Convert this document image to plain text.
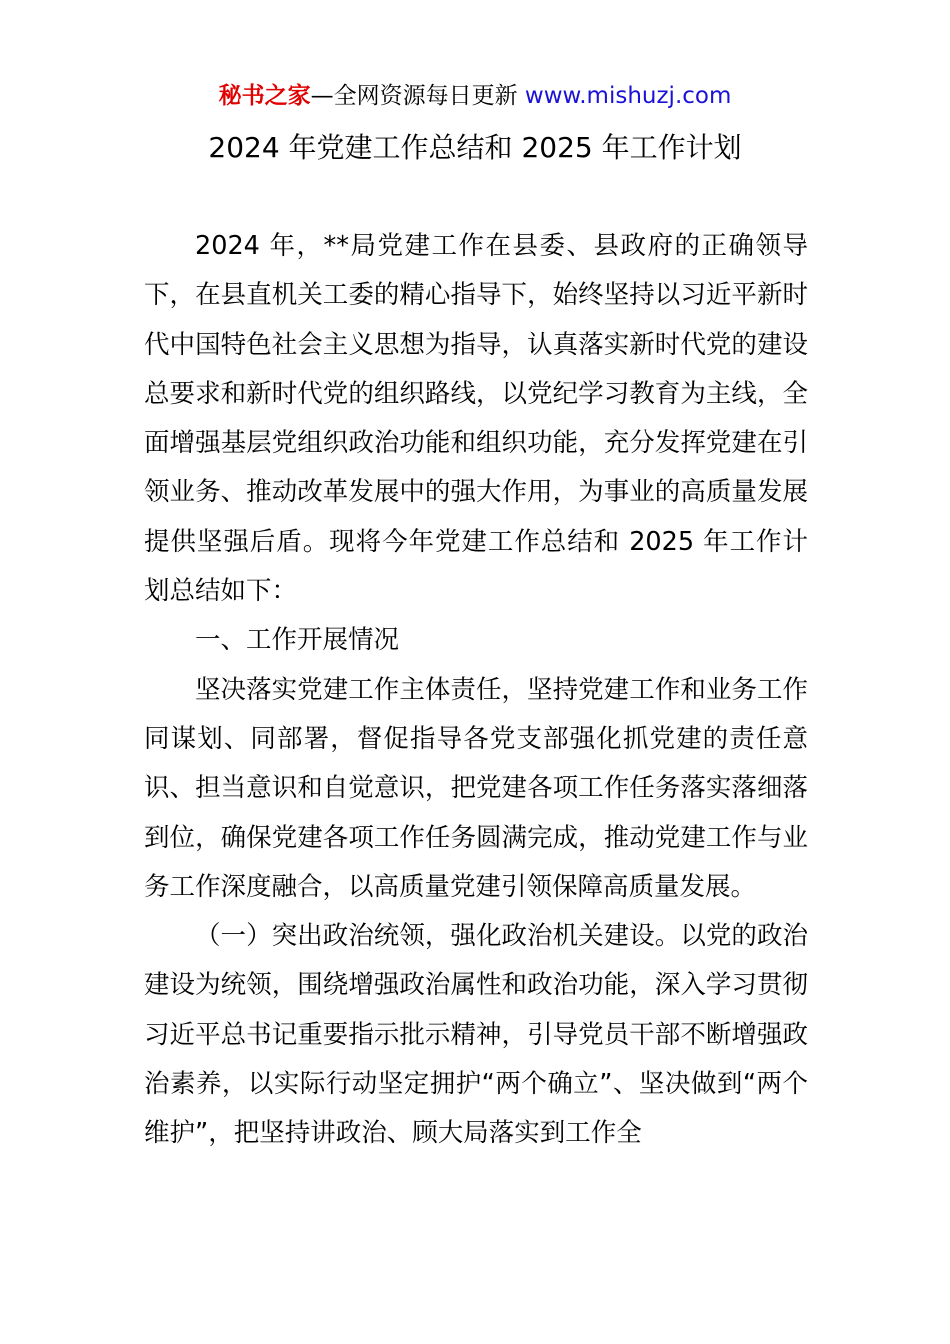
秘书之家—全网资源每日更新 www.mishuzj.com
2024 年党建工作总结和 2025 年工作计划

2024 年，**局党建工作在县委、县政府的正确领导下，在县直机关工委的精心指导下，始终坚持以习近平新时代中国特色社会主义思想为指导，认真落实新时代党的建设总要求和新时代党的组织路线，以党纪学习教育为主线，全面增强基层党组织政治功能和组织功能，充分发挥党建在引领业务、推动改革发展中的强大作用，为事业的高质量发展提供坚强后盾。现将今年党建工作总结和 2025 年工作计划总结如下：

一、工作开展情况

坚决落实党建工作主体责任，坚持党建工作和业务工作同谋划、同部署，督促指导各党支部强化抓党建的责任意识、担当意识和自觉意识，把党建各项工作任务落实落细落到位，确保党建各项工作任务圆满完成，推动党建工作与业务工作深度融合，以高质量党建引领保障高质量发展。

（一）突出政治统领，强化政治机关建设。以党的政治建设为统领，围绕增强政治属性和政治功能，深入学习贯彻习近平总书记重要指示批示精神，引导党员干部不断增强政治素养，以实际行动坚定拥护“两个确立”、坚决做到“两个维护”，把坚持讲政治、顾大局落实到工作全
